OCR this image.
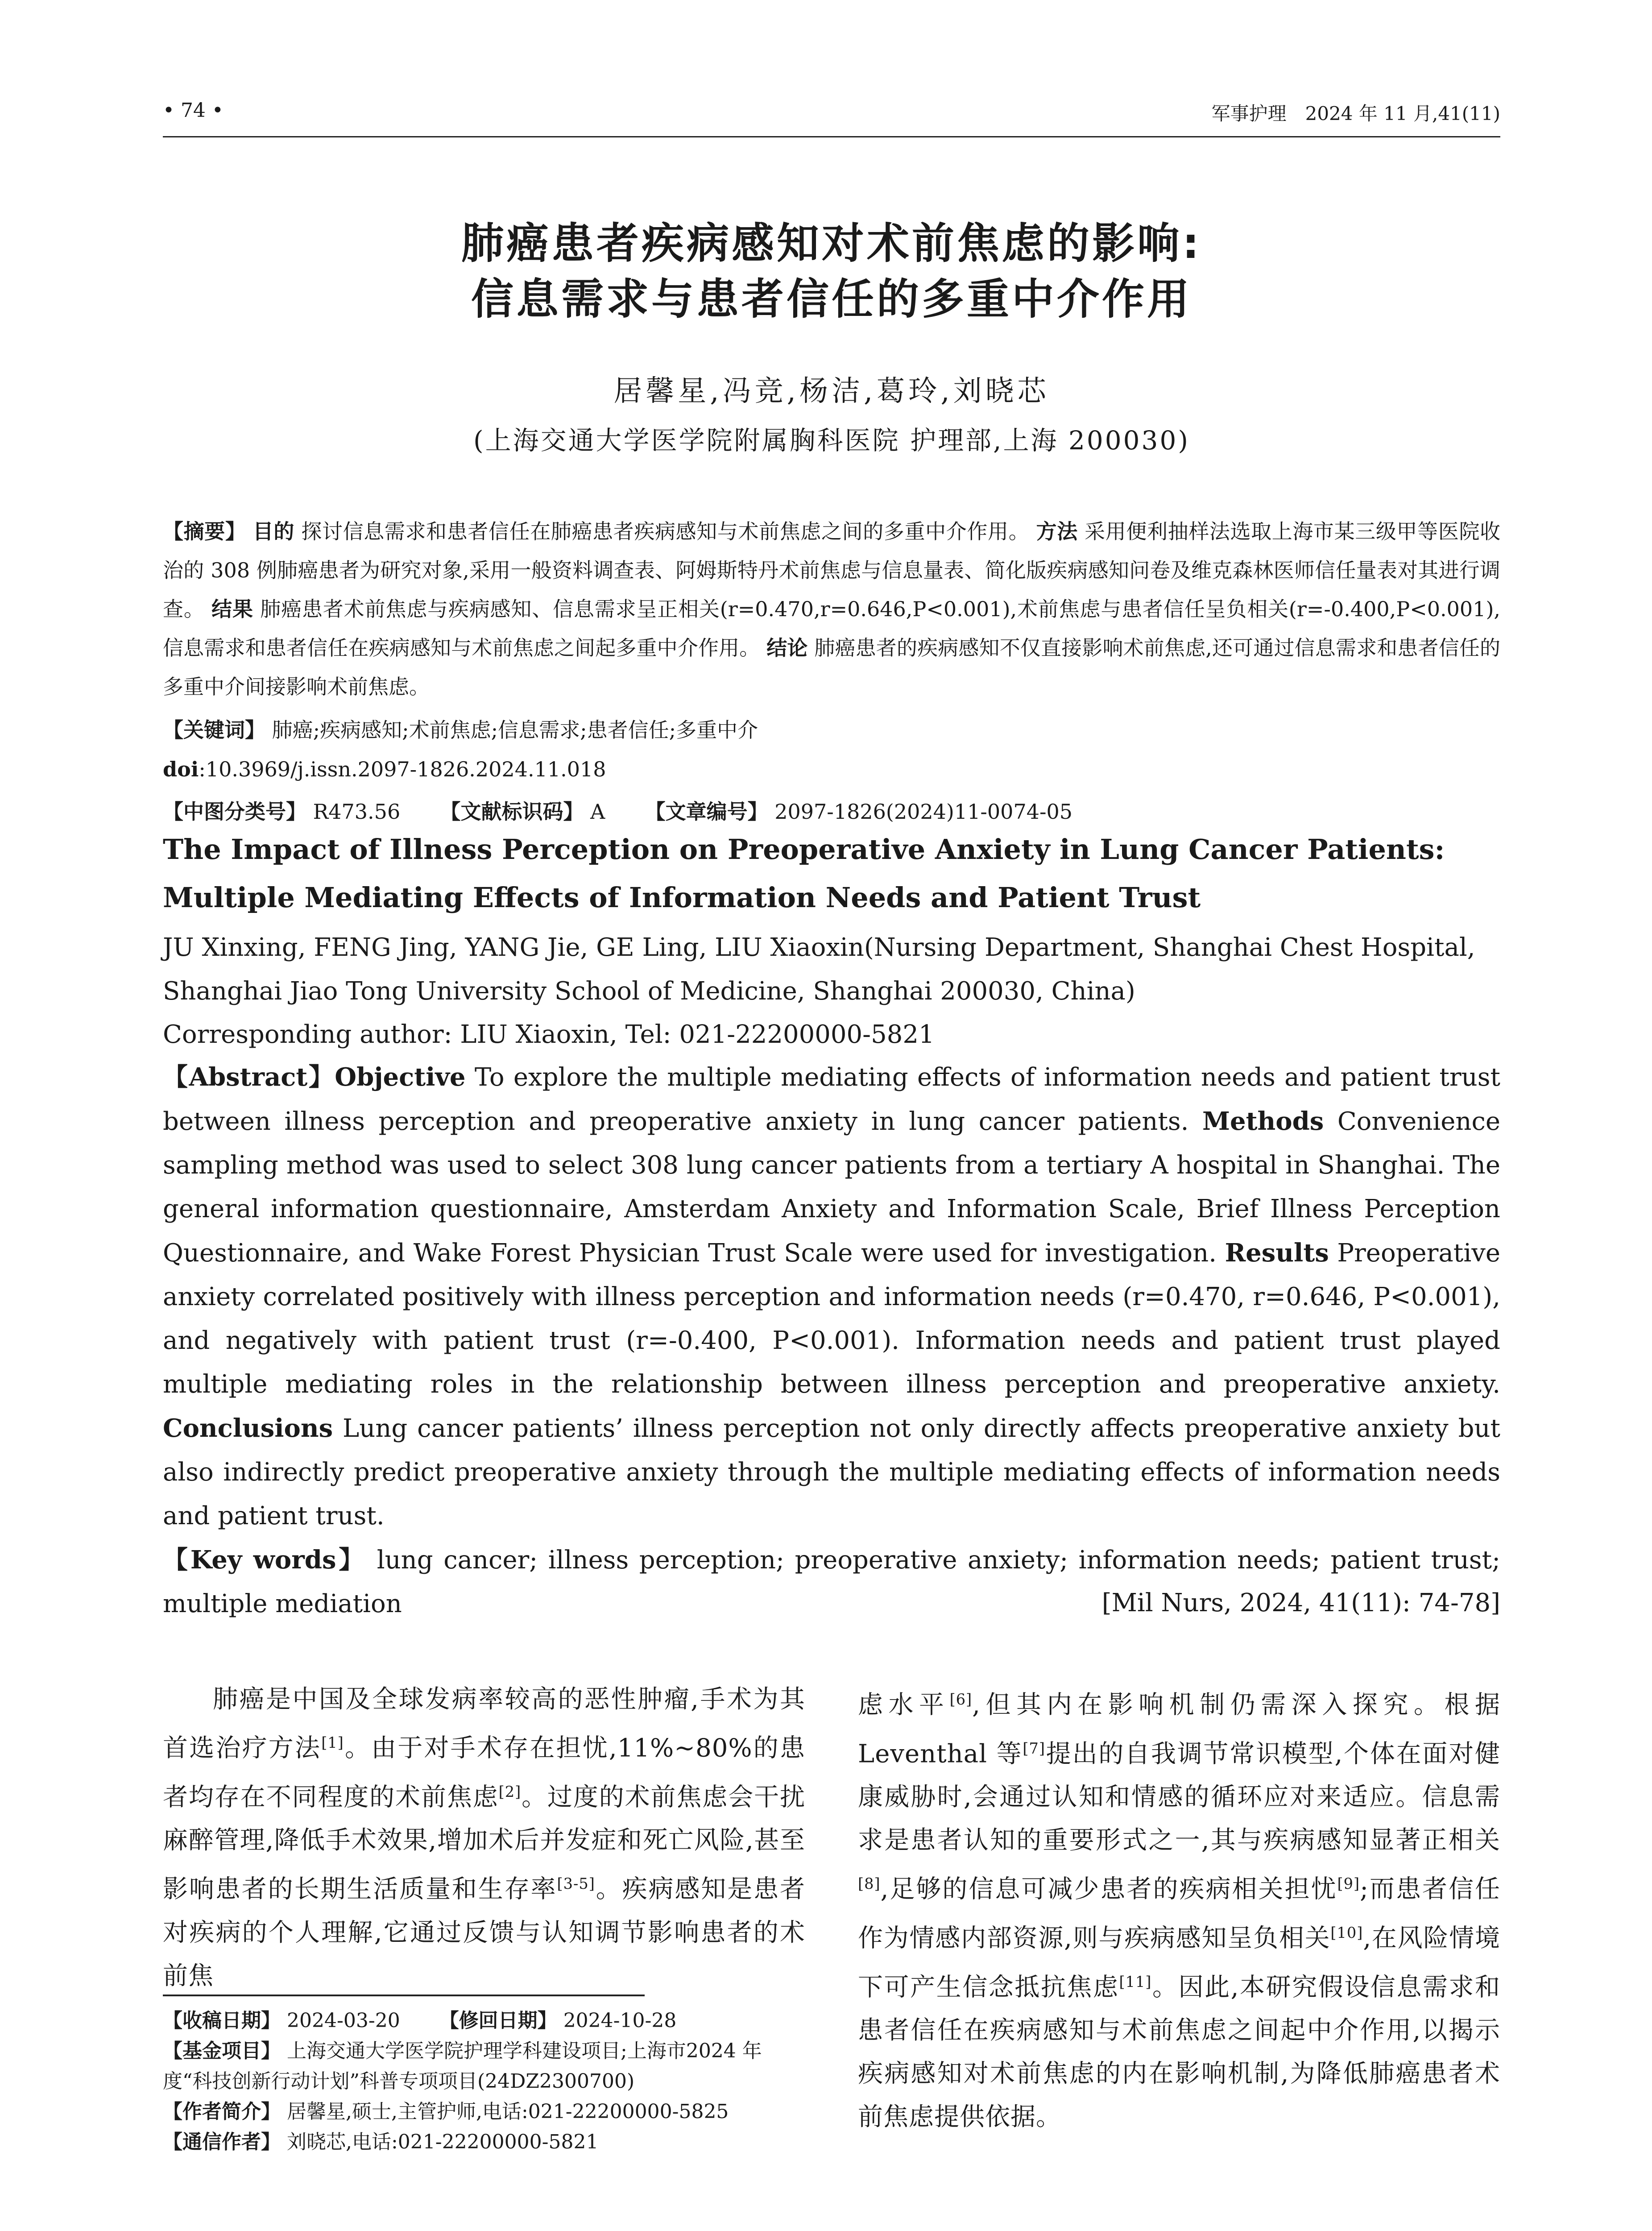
• 74 •	军事护理　2024 年 11 月,41(11)
肺癌患者疾病感知对术前焦虑的影响:
信息需求与患者信任的多重中介作用
居馨星,冯竞,杨洁,葛玲,刘晓芯
(上海交通大学医学院附属胸科医院 护理部,上海 200030)
【摘要】 目的 探讨信息需求和患者信任在肺癌患者疾病感知与术前焦虑之间的多重中介作用。 方法 采用便利抽样法选取上海市某三级甲等医院收治的 308 例肺癌患者为研究对象,采用一般资料调查表、阿姆斯特丹术前焦虑与信息量表、简化版疾病感知问卷及维克森林医师信任量表对其进行调查。 结果 肺癌患者术前焦虑与疾病感知、信息需求呈正相关(r=0.470,r=0.646,P<0.001),术前焦虑与患者信任呈负相关(r=-0.400,P<0.001),信息需求和患者信任在疾病感知与术前焦虑之间起多重中介作用。 结论 肺癌患者的疾病感知不仅直接影响术前焦虑,还可通过信息需求和患者信任的多重中介间接影响术前焦虑。
【关键词】 肺癌;疾病感知;术前焦虑;信息需求;患者信任;多重中介
doi:10.3969/j.issn.2097-1826.2024.11.018
【中图分类号】 R473.56 【文献标识码】 A 【文章编号】 2097-1826(2024)11-0074-05
The Impact of Illness Perception on Preoperative Anxiety in Lung Cancer Patients: Multiple Mediating Effects of Information Needs and Patient Trust
JU Xinxing, FENG Jing, YANG Jie, GE Ling, LIU Xiaoxin(Nursing Department, Shanghai Chest Hospital, Shanghai Jiao Tong University School of Medicine, Shanghai 200030, China)
Corresponding author: LIU Xiaoxin, Tel: 021-22200000-5821
【Abstract】Objective To explore the multiple mediating effects of information needs and patient trust between illness perception and preoperative anxiety in lung cancer patients. Methods Convenience sampling method was used to select 308 lung cancer patients from a tertiary A hospital in Shanghai. The general information questionnaire, Amsterdam Anxiety and Information Scale, Brief Illness Perception Questionnaire, and Wake Forest Physician Trust Scale were used for investigation. Results Preoperative anxiety correlated positively with illness perception and information needs (r=0.470, r=0.646, P<0.001), and negatively with patient trust (r=-0.400, P<0.001). Information needs and patient trust played multiple mediating roles in the relationship between illness perception and preoperative anxiety. Conclusions Lung cancer patients’ illness perception not only directly affects preoperative anxiety but also indirectly predict preoperative anxiety through the multiple mediating effects of information needs and patient trust.
【Key words】 lung cancer; illness perception; preoperative anxiety; information needs; patient trust; multiple mediation	[Mil Nurs, 2024, 41(11): 74-78]
肺癌是中国及全球发病率较高的恶性肿瘤,手术为其首选治疗方法[1]。由于对手术存在担忧,11%~80%的患者均存在不同程度的术前焦虑[2]。过度的术前焦虑会干扰麻醉管理,降低手术效果,增加术后并发症和死亡风险,甚至影响患者的长期生活质量和生存率[3-5]。疾病感知是患者对疾病的个人理解,它通过反馈与认知调节影响患者的术前焦
虑水平[6],但其内在影响机制仍需深入探究。根据 Leventhal 等[7]提出的自我调节常识模型,个体在面对健康威胁时,会通过认知和情感的循环应对来适应。信息需求是患者认知的重要形式之一,其与疾病感知显著正相关[8],足够的信息可减少患者的疾病相关担忧[9];而患者信任作为情感内部资源,则与疾病感知呈负相关[10],在风险情境下可产生信念抵抗焦虑[11]。因此,本研究假设信息需求和患者信任在疾病感知与术前焦虑之间起中介作用,以揭示疾病感知对术前焦虑的内在影响机制,为降低肺癌患者术前焦虑提供依据。
【收稿日期】 2024-03-20 【修回日期】 2024-10-28
【基金项目】 上海交通大学医学院护理学科建设项目;上海市2024 年度“科技创新行动计划”科普专项项目(24DZ2300700)
【作者简介】 居馨星,硕士,主管护师,电话:021-22200000-5825
【通信作者】 刘晓芯,电话:021-22200000-5821
